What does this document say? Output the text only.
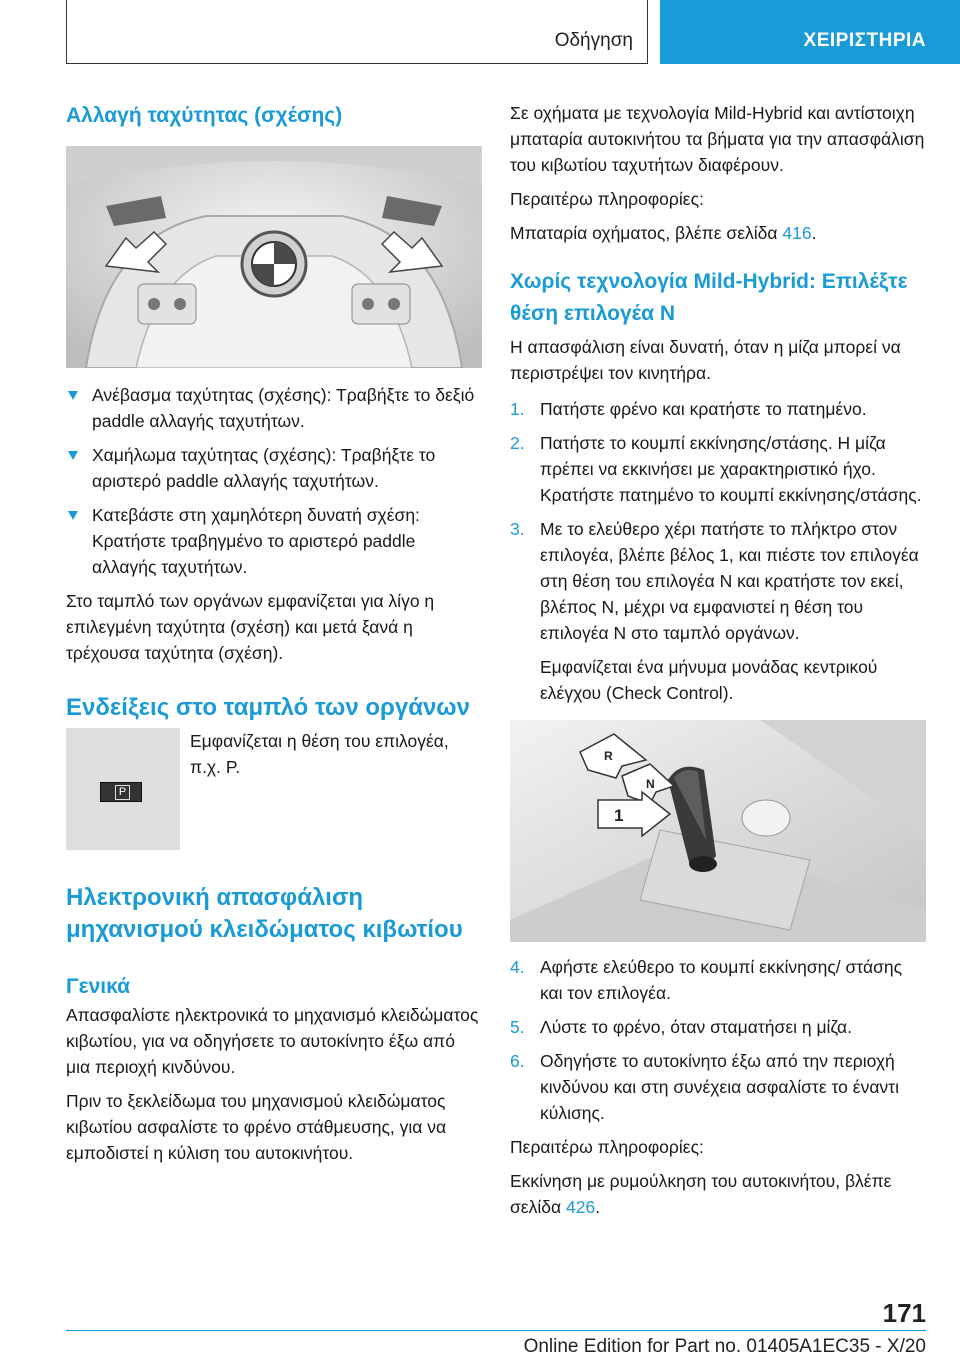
Οδήγηση	ΧΕΙΡΙΣΤΗΡΙΑ
Αλλαγή ταχύτητας (σχέσης)
Ανέβασμα ταχύτητας (σχέσης): Τραβήξτε το δεξιό paddle αλλαγής ταχυτήτων.
Χαμήλωμα ταχύτητας (σχέσης): Τραβήξτε το αριστερό paddle αλλαγής ταχυτήτων.
Κατεβάστε στη χαμηλότερη δυνατή σχέση: Κρατήστε τραβηγμένο το αριστερό paddle αλλαγής ταχυτήτων.

Στο ταμπλό των οργάνων εμφανίζεται για λίγο η επιλεγμένη ταχύτητα (σχέση) και μετά ξανά η τρέχουσα ταχύτητα (σχέση).

Ενδείξεις στο ταμπλό των οργάνων
P

Εμφανίζεται η θέση του επιλογέα, π.χ. P.

Ηλεκτρονική απασφάλιση μηχανισμού κλειδώματος κιβωτίου
Γενικά

Απασφαλίστε ηλεκτρονικά το μηχανισμό κλειδώματος κιβωτίου, για να οδηγήσετε το αυτοκίνητο έξω από μια περιοχή κινδύνου.

Πριν το ξεκλείδωμα του μηχανισμού κλειδώματος κιβωτίου ασφαλίστε το φρένο στάθμευσης, για να εμποδιστεί η κύλιση του αυτοκινήτου.

Σε οχήματα με τεχνολογία Mild-Hybrid και αντίστοιχη μπαταρία αυτοκινήτου τα βήματα για την απασφάλιση του κιβωτίου ταχυτήτων διαφέρουν.

Περαιτέρω πληροφορίες:

Μπαταρία οχήματος, βλέπε σελίδα 416.

Χωρίς τεχνολογία Mild-Hybrid: Επιλέξτε θέση επιλογέα N

Η απασφάλιση είναι δυνατή, όταν η μίζα μπορεί να περιστρέψει τον κινητήρα.

1. Πατήστε φρένο και κρατήστε το πατημένο.
2. Πατήστε το κουμπί εκκίνησης/στάσης. Η μίζα πρέπει να εκκινήσει με χαρακτηριστικό ήχο. Κρατήστε πατημένο το κουμπί εκκίνησης/στάσης.
3. Με το ελεύθερο χέρι πατήστε το πλήκτρο στον επιλογέα, βλέπε βέλος 1, και πιέστε τον επιλογέα στη θέση του επιλογέα N και κρατήστε τον εκεί, βλέπος N, μέχρι να εμφανιστεί η θέση του επιλογέα N στο ταμπλό οργάνων.

Εμφανίζεται ένα μήνυμα μονάδας κεντρικού ελέγχου (Check Control).

R
N
1
4. Αφήστε ελεύθερο το κουμπί εκκίνησης/ στάσης και τον επιλογέα.
5. Λύστε το φρένο, όταν σταματήσει η μίζα.
6. Οδηγήστε το αυτοκίνητο έξω από την περιοχή κινδύνου και στη συνέχεια ασφαλίστε το έναντι κύλισης.

Περαιτέρω πληροφορίες:

Εκκίνηση με ρυμούλκηση του αυτοκινήτου, βλέπε σελίδα 426.

171
Online Edition for Part no. 01405A1EC35 - X/20
